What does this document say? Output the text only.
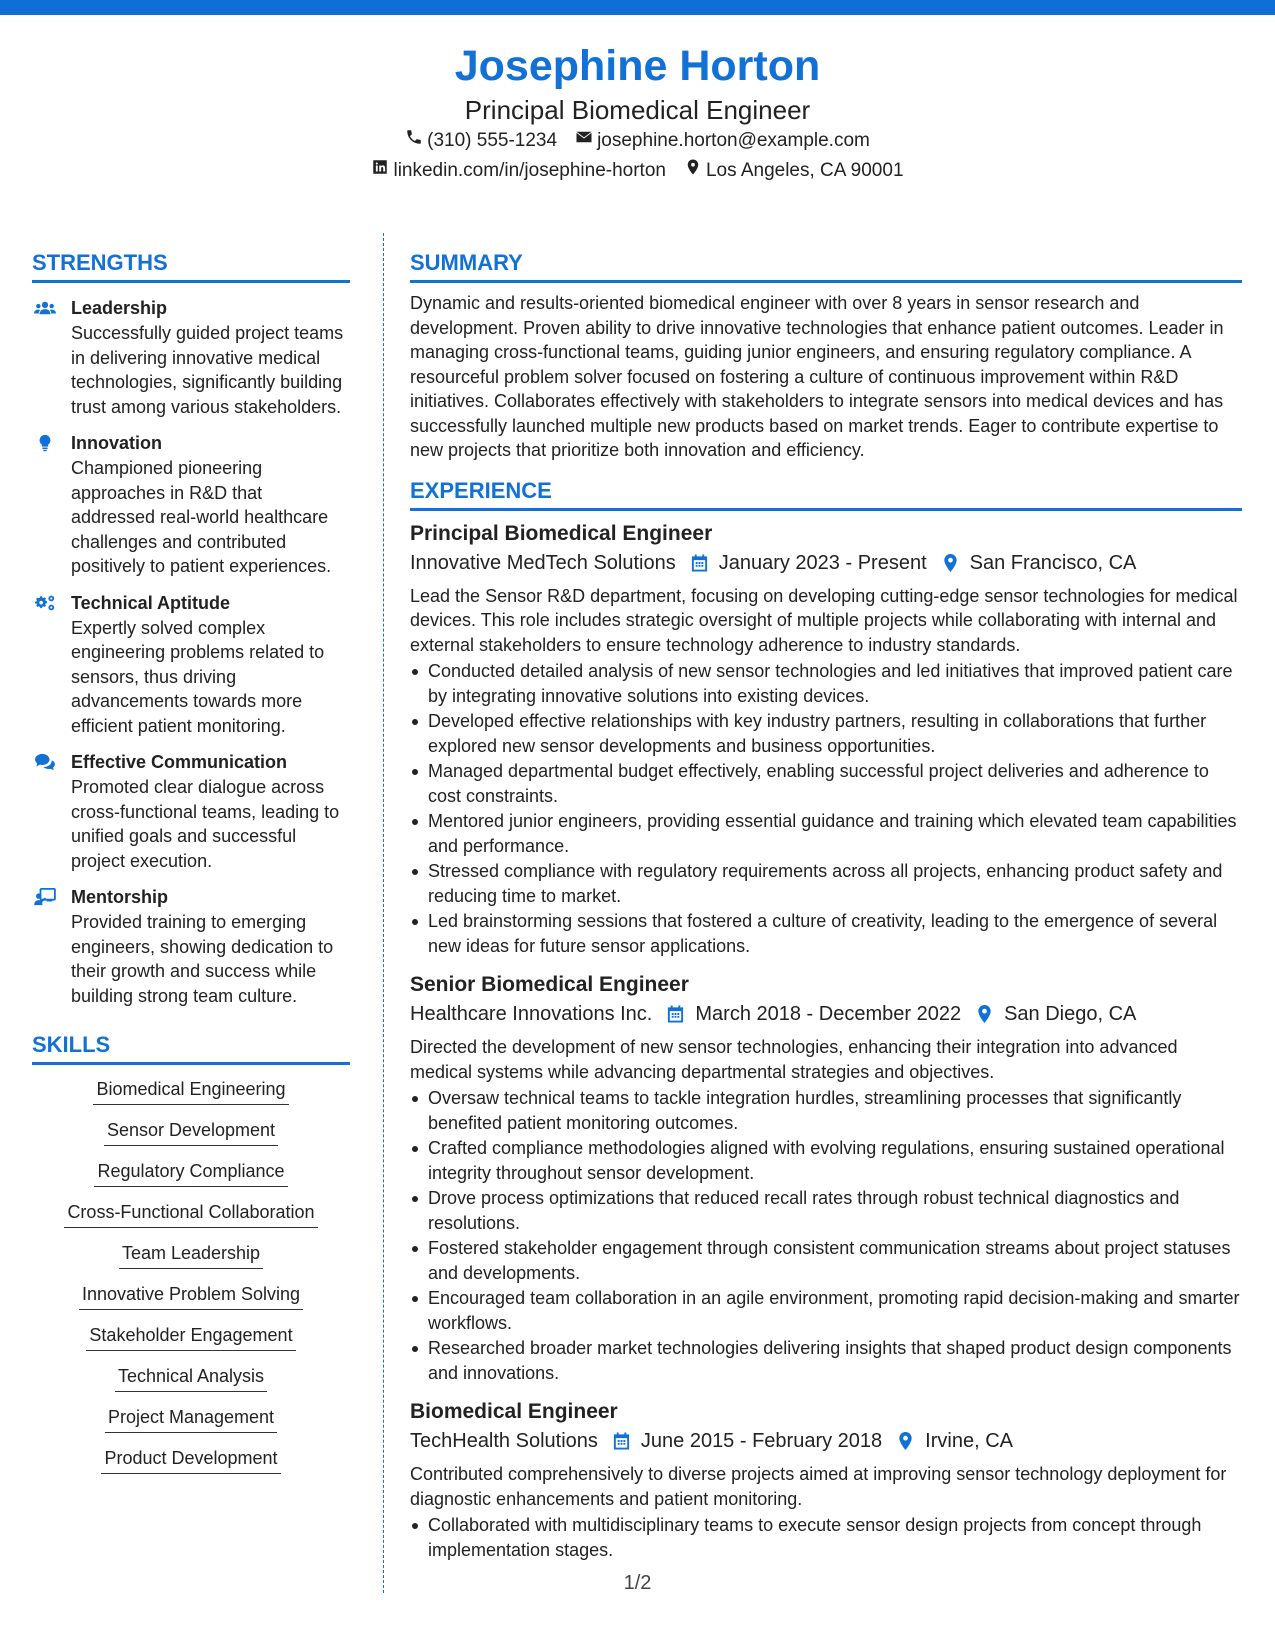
Josephine Horton
Principal Biomedical Engineer
(310) 555-1234 josephine.horton@example.com
linkedin.com/in/josephine-horton Los Angeles, CA 90001
STRENGTHS
Leadership
Successfully guided project teams in delivering innovative medical technologies, significantly building trust among various stakeholders.
Innovation
Championed pioneering approaches in R&D that addressed real-world healthcare challenges and contributed positively to patient experiences.
Technical Aptitude
Expertly solved complex engineering problems related to sensors, thus driving advancements towards more efficient patient monitoring.
Effective Communication
Promoted clear dialogue across cross-functional teams, leading to unified goals and successful project execution.
Mentorship
Provided training to emerging engineers, showing dedication to their growth and success while building strong team culture.
SKILLS
Biomedical Engineering
Sensor Development
Regulatory Compliance
Cross-Functional Collaboration
Team Leadership
Innovative Problem Solving
Stakeholder Engagement
Technical Analysis
Project Management
Product Development
SUMMARY
Dynamic and results-oriented biomedical engineer with over 8 years in sensor research and development. Proven ability to drive innovative technologies that enhance patient outcomes. Leader in managing cross-functional teams, guiding junior engineers, and ensuring regulatory compliance. A resourceful problem solver focused on fostering a culture of continuous improvement within R&D initiatives. Collaborates effectively with stakeholders to integrate sensors into medical devices and has successfully launched multiple new products based on market trends. Eager to contribute expertise to new projects that prioritize both innovation and efficiency.
EXPERIENCE
Principal Biomedical Engineer
Innovative MedTech Solutions January 2023 - Present San Francisco, CA
Lead the Sensor R&D department, focusing on developing cutting-edge sensor technologies for medical devices. This role includes strategic oversight of multiple projects while collaborating with internal and external stakeholders to ensure technology adherence to industry standards.
Conducted detailed analysis of new sensor technologies and led initiatives that improved patient care by integrating innovative solutions into existing devices.
Developed effective relationships with key industry partners, resulting in collaborations that further explored new sensor developments and business opportunities.
Managed departmental budget effectively, enabling successful project deliveries and adherence to cost constraints.
Mentored junior engineers, providing essential guidance and training which elevated team capabilities and performance.
Stressed compliance with regulatory requirements across all projects, enhancing product safety and reducing time to market.
Led brainstorming sessions that fostered a culture of creativity, leading to the emergence of several new ideas for future sensor applications.
Senior Biomedical Engineer
Healthcare Innovations Inc. March 2018 - December 2022 San Diego, CA
Directed the development of new sensor technologies, enhancing their integration into advanced medical systems while advancing departmental strategies and objectives.
Oversaw technical teams to tackle integration hurdles, streamlining processes that significantly benefited patient monitoring outcomes.
Crafted compliance methodologies aligned with evolving regulations, ensuring sustained operational integrity throughout sensor development.
Drove process optimizations that reduced recall rates through robust technical diagnostics and resolutions.
Fostered stakeholder engagement through consistent communication streams about project statuses and developments.
Encouraged team collaboration in an agile environment, promoting rapid decision-making and smarter workflows.
Researched broader market technologies delivering insights that shaped product design components and innovations.
Biomedical Engineer
TechHealth Solutions June 2015 - February 2018 Irvine, CA
Contributed comprehensively to diverse projects aimed at improving sensor technology deployment for diagnostic enhancements and patient monitoring.
Collaborated with multidisciplinary teams to execute sensor design projects from concept through implementation stages.
1/2
